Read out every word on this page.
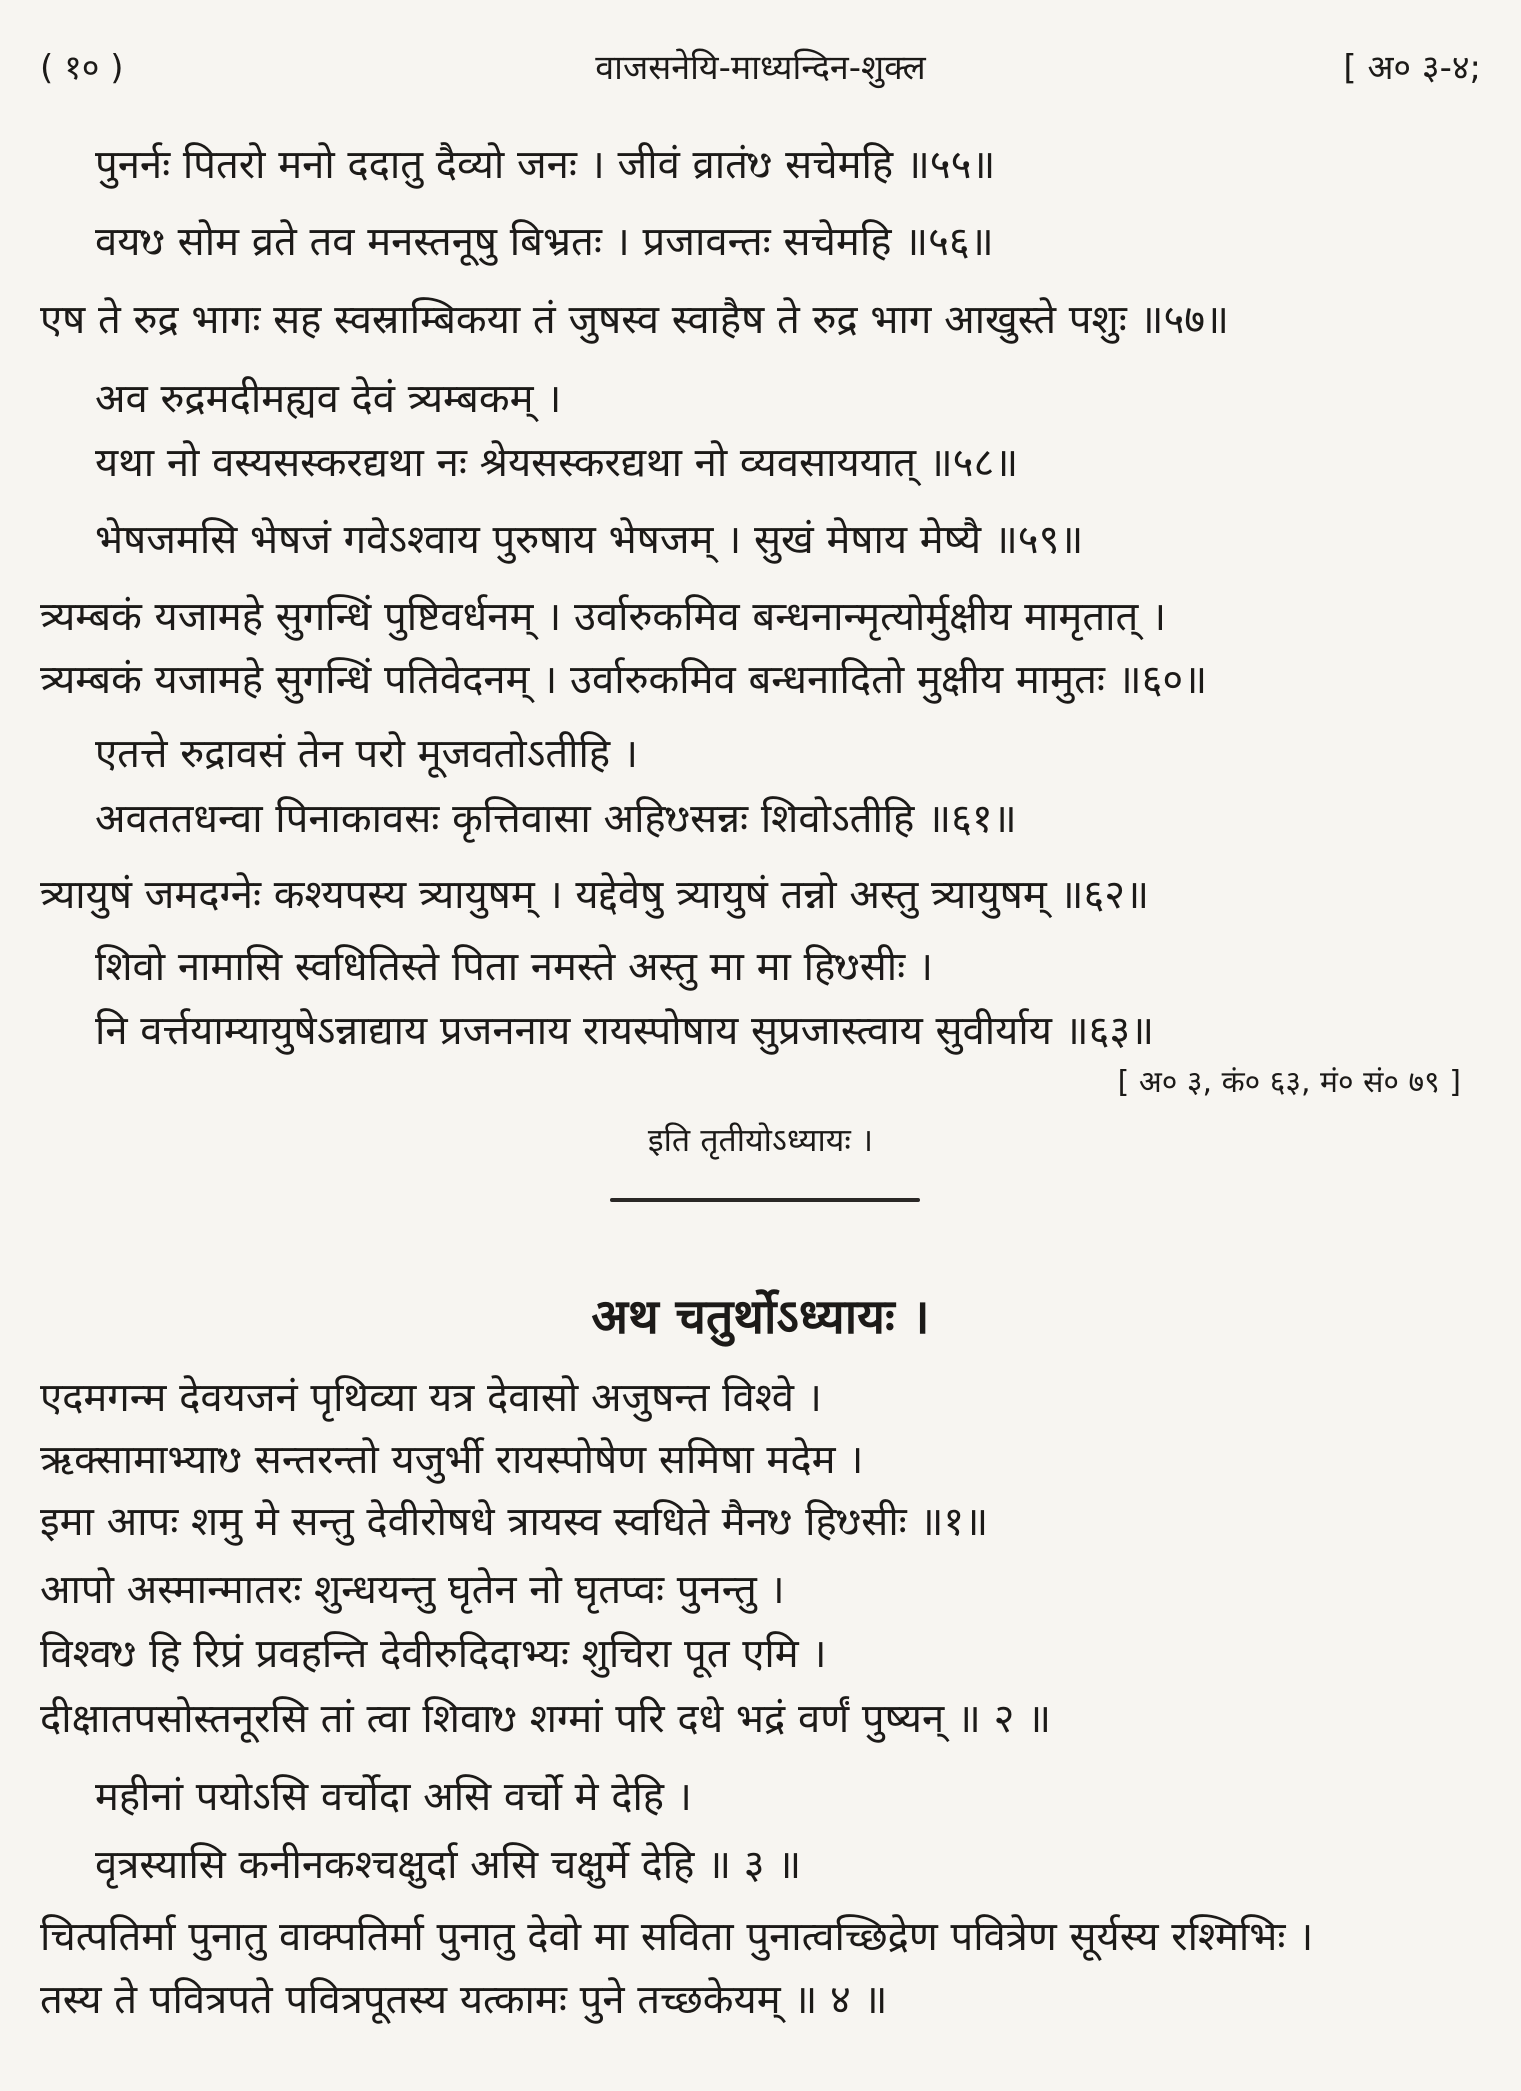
( १० )	वाजसनेयि-माध्यन्दिन-शुक्ल	[ अ० ३-४;
पुनर्नः पितरो मनो ददातु दैव्यो जनः । जीवं व्रातंᳪ सचेमहि ॥५५॥
वयᳪ सोम व्रते तव मनस्तनूषु बिभ्रतः । प्रजावन्तः सचेमहि ॥५६॥
एष ते रुद्र भागः सह स्वस्राम्बिकया तं जुषस्व स्वाहैष ते रुद्र भाग आखुस्ते पशुः ॥५७॥
अव रुद्रमदीमह्यव देवं त्र्यम्बकम् ।
यथा नो वस्यसस्करद्यथा नः श्रेयसस्करद्यथा नो व्यवसाययात् ॥५८॥
भेषजमसि भेषजं गवेऽश्वाय पुरुषाय भेषजम् । सुखं मेषाय मेष्यै ॥५९॥
त्र्यम्बकं यजामहे सुगन्धिं पुष्टिवर्धनम् । उर्वारुकमिव बन्धनान्मृत्योर्मुक्षीय मामृतात् ।
त्र्यम्बकं यजामहे सुगन्धिं पतिवेदनम् । उर्वारुकमिव बन्धनादितो मुक्षीय मामुतः ॥६०॥
एतत्ते रुद्रावसं तेन परो मूजवतोऽतीहि ।
अवततधन्वा पिनाकावसः कृत्तिवासा अहिᳪसन्नः शिवोऽतीहि ॥६१॥
त्र्यायुषं जमदग्नेः कश्यपस्य त्र्यायुषम् । यद्देवेषु त्र्यायुषं तन्नो अस्तु त्र्यायुषम् ॥६२॥
शिवो नामासि स्वधितिस्ते पिता नमस्ते अस्तु मा मा हिᳪसीः ।
नि वर्त्तयाम्यायुषेऽन्नाद्याय प्रजननाय रायस्पोषाय सुप्रजास्त्वाय सुवीर्याय ॥६३॥
[ अ० ३, कं० ६३, मं० सं० ७९ ]
इति तृतीयोऽध्यायः ।
अथ चतुर्थोऽध्यायः ।
एदमगन्म देवयजनं पृथिव्या यत्र देवासो अजुषन्त विश्वे ।
ऋक्सामाभ्याᳪ सन्तरन्तो यजुर्भी रायस्पोषेण समिषा मदेम ।
इमा आपः शमु मे सन्तु देवीरोषधे त्रायस्व स्वधिते मैनᳪ हिᳪसीः ॥१॥
आपो अस्मान्मातरः शुन्धयन्तु घृतेन नो घृतप्वः पुनन्तु ।
विश्वᳪ हि रिप्रं प्रवहन्ति देवीरुदिदाभ्यः शुचिरा पूत एमि ।
दीक्षातपसोस्तनूरसि तां त्वा शिवाᳪ शग्मां परि दधे भद्रं वर्णं पुष्यन् ॥ २ ॥
महीनां पयोऽसि वर्चोदा असि वर्चो मे देहि ।
वृत्रस्यासि कनीनकश्चक्षुर्दा असि चक्षुर्मे देहि ॥ ३ ॥
चित्पतिर्मा पुनातु वाक्पतिर्मा पुनातु देवो मा सविता पुनात्वच्छिद्रेण पवित्रेण सूर्यस्य रश्मिभिः ।
तस्य ते पवित्रपते पवित्रपूतस्य यत्कामः पुने तच्छकेयम् ॥ ४ ॥
